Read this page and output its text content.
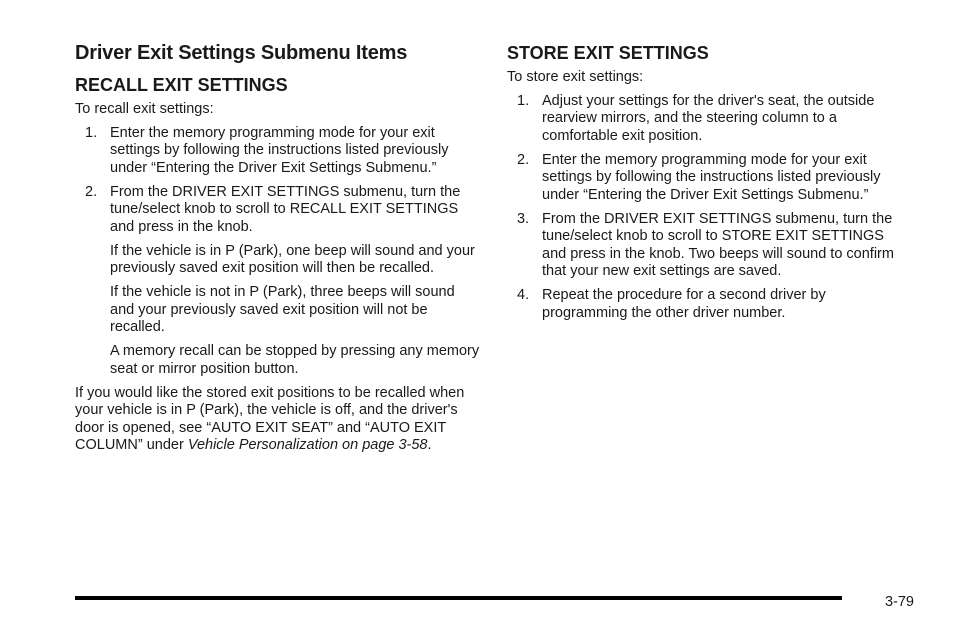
Driver Exit Settings Submenu Items
RECALL EXIT SETTINGS

To recall exit settings:

1. Enter the memory programming mode for your exit settings by following the instructions listed previously under “Entering the Driver Exit Settings Submenu.”
2. From the DRIVER EXIT SETTINGS submenu, turn the tune/select knob to scroll to RECALL EXIT SETTINGS and press in the knob.

If the vehicle is in P (Park), one beep will sound and your previously saved exit position will then be recalled.

If the vehicle is not in P (Park), three beeps will sound and your previously saved exit position will not be recalled.

A memory recall can be stopped by pressing any memory seat or mirror position button.

If you would like the stored exit positions to be recalled when your vehicle is in P (Park), the vehicle is off, and the driver's door is opened, see “AUTO EXIT SEAT” and “AUTO EXIT COLUMN” under Vehicle Personalization on page 3-58.

STORE EXIT SETTINGS

To store exit settings:

1. Adjust your settings for the driver's seat, the outside rearview mirrors, and the steering column to a comfortable exit position.
2. Enter the memory programming mode for your exit settings by following the instructions listed previously under “Entering the Driver Exit Settings Submenu.”
3. From the DRIVER EXIT SETTINGS submenu, turn the tune/select knob to scroll to STORE EXIT SETTINGS and press in the knob. Two beeps will sound to confirm that your new exit settings are saved.
4. Repeat the procedure for a second driver by programming the other driver number.
3-79
